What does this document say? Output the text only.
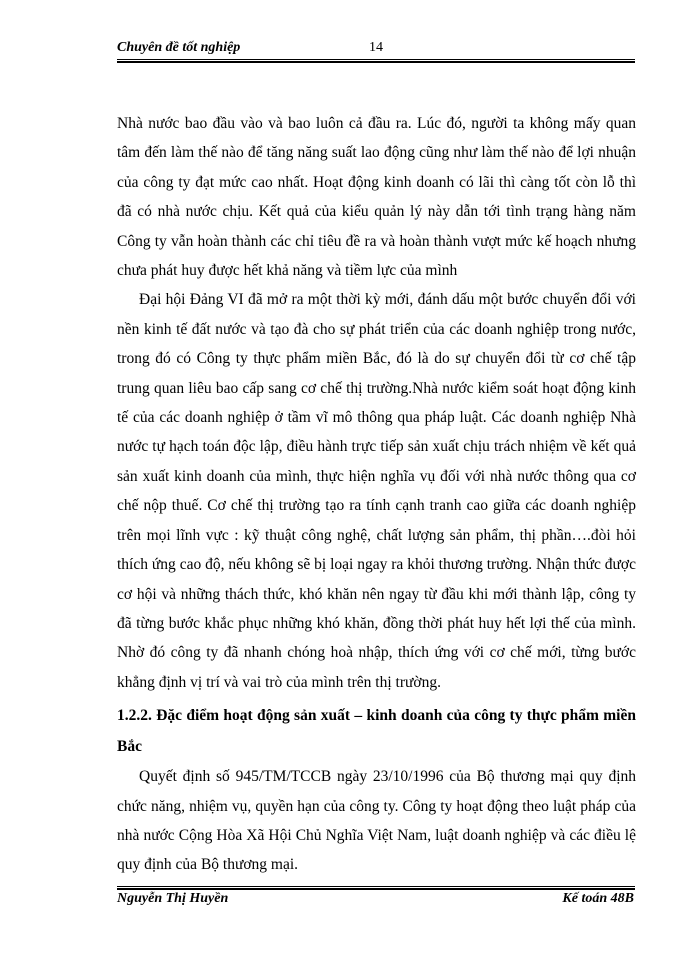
Chuyên đề tốt nghiệp	14

Nhà nước bao đầu vào và bao luôn cả đầu ra. Lúc đó, người ta không mấy quan tâm đến làm thế nào để tăng năng suất lao động cũng như làm thế nào để lợi nhuận của công ty đạt mức cao nhất. Hoạt động kinh doanh có lãi thì càng tốt còn lỗ thì đã có nhà nước chịu. Kết quả của kiểu quản lý này dẫn tới tình trạng hàng năm Công ty vẫn hoàn thành các chỉ tiêu đề ra và hoàn thành vượt mức kế hoạch nhưng chưa phát huy được hết khả năng và tiềm lực của mình

Đại hội Đảng VI đã mở ra một thời kỳ mới, đánh dấu một bước chuyển đổi với nền kinh tế đất nước và tạo đà cho sự phát triển của các doanh nghiệp trong nước, trong đó có Công ty thực phẩm miền Bắc, đó là do sự chuyển đổi từ cơ chế tập trung quan liêu bao cấp sang cơ chế thị trường.Nhà nước kiểm soát hoạt động kinh tế của các doanh nghiệp ở tầm vĩ mô thông qua pháp luật. Các doanh nghiệp Nhà nước tự hạch toán độc lập, điều hành trực tiếp sản xuất chịu trách nhiệm về kết quả sản xuất kinh doanh của mình, thực hiện nghĩa vụ đối với nhà nước thông qua cơ chế nộp thuế. Cơ chế thị trường tạo ra tính cạnh tranh cao giữa các doanh nghiệp trên mọi lĩnh vực : kỹ thuật công nghệ, chất lượng sản phẩm, thị phần….đòi hỏi thích ứng cao độ, nếu không sẽ bị loại ngay ra khỏi thương trường. Nhận thức được cơ hội và những thách thức, khó khăn nên ngay từ đầu khi mới thành lập, công ty đã từng bước khắc phục những khó khăn, đồng thời phát huy hết lợi thế của mình. Nhờ đó công ty đã nhanh chóng hoà nhập, thích ứng với cơ chế mới, từng bước khẳng định vị trí và vai trò của mình trên thị trường.

1.2.2. Đặc điểm hoạt động sản xuất – kinh doanh của công ty thực phẩm miền Bắc

Quyết định số 945/TM/TCCB ngày 23/10/1996 của Bộ thương mại quy định chức năng, nhiệm vụ, quyền hạn của công ty. Công ty hoạt động theo luật pháp của nhà nước Cộng Hòa Xã Hội Chủ Nghĩa Việt Nam, luật doanh nghiệp và các điều lệ quy định của Bộ thương mại.

Nguyễn Thị Huyền	Kế toán 48B
